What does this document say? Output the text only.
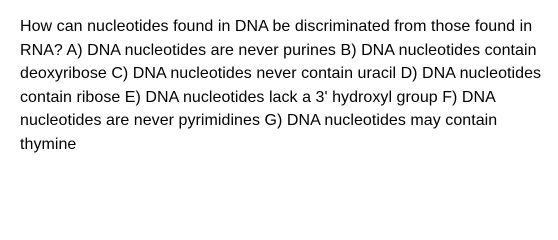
How can nucleotides found in DNA be discriminated from those found in RNA? A) DNA nucleotides are never purines B) DNA nucleotides contain deoxyribose C) DNA nucleotides never contain uracil D) DNA nucleotides contain ribose E) DNA nucleotides lack a 3' hydroxyl group F) DNA nucleotides are never pyrimidines G) DNA nucleotides may contain thymine
